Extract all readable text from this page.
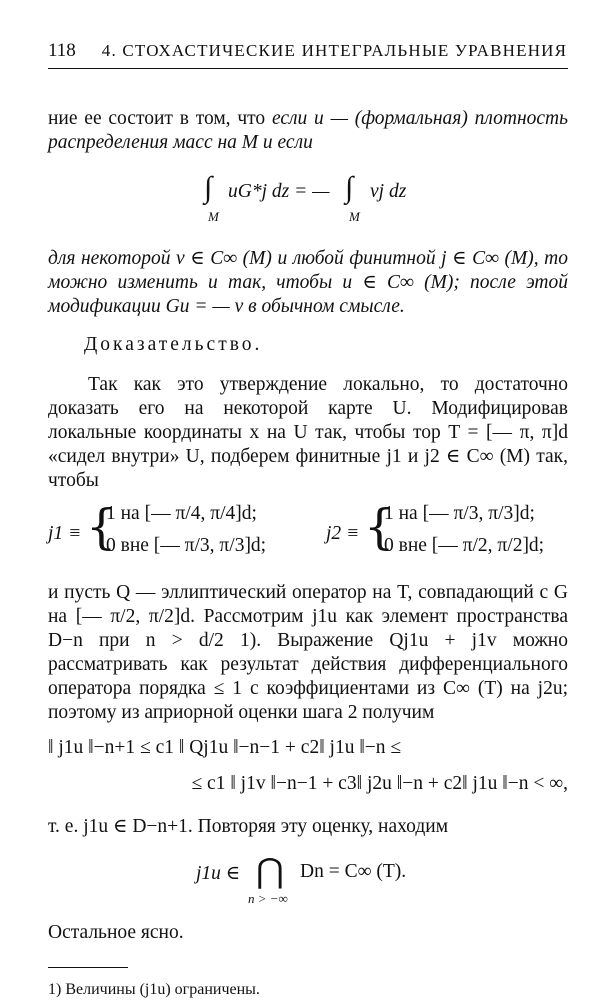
118 4. СТОХАСТИЧЕСКИЕ ИНТЕГРАЛЬНЫЕ УРАВНЕНИЯ

ние ее состоит в том, что если u — (формальная) плотность распределения масс на M и если

∫
M
uG*j dz = — ∫
M
vj dz

для некоторой v ∈ C∞ (M) и любой финитной j ∈ C∞ (M), то можно изменить u так, чтобы u ∈ C∞ (M); после этой модификации Gu = — v в обычном смысле.

Доказательство.

Так как это утверждение локально, то достаточно доказать его на некоторой карте U. Модифицировав локальные координаты x на U так, чтобы тор T = [— π, π]d «сидел внутри» U, подберем финитные j1 и j2 ∈ C∞ (M) так, чтобы

j1 ≡ {
1 на [— π/4, π/4]d;
0 вне [— π/3, π/3]d;
j2 ≡ {
1 на [— π/3, π/3]d;
0 вне [— π/2, π/2]d;

и пусть Q — эллиптический оператор на T, совпадающий с G на [— π/2, π/2]d. Рассмотрим j1u как элемент пространства D−n при n > d/2 1). Выражение Qj1u + j1v можно рассматривать как результат действия дифференциального оператора порядка ≤ 1 с коэффициентами из C∞ (T) на j2u; поэтому из априорной оценки шага 2 получим

‖ j1u ‖−n+1 ≤ c1 ‖ Qj1u ‖−n−1 + c2‖ j1u ‖−n ≤
≤ c1 ‖ j1v ‖−n−1 + c3‖ j2u ‖−n + c2‖ j1u ‖−n < ∞,

т. е. j1u ∈ D−n+1. Повторяя эту оценку, находим

j1u ∈ ⋂
n > −∞
Dn = C∞ (T).

Остальное ясно.

1) Величины (j1u) ограничены.
